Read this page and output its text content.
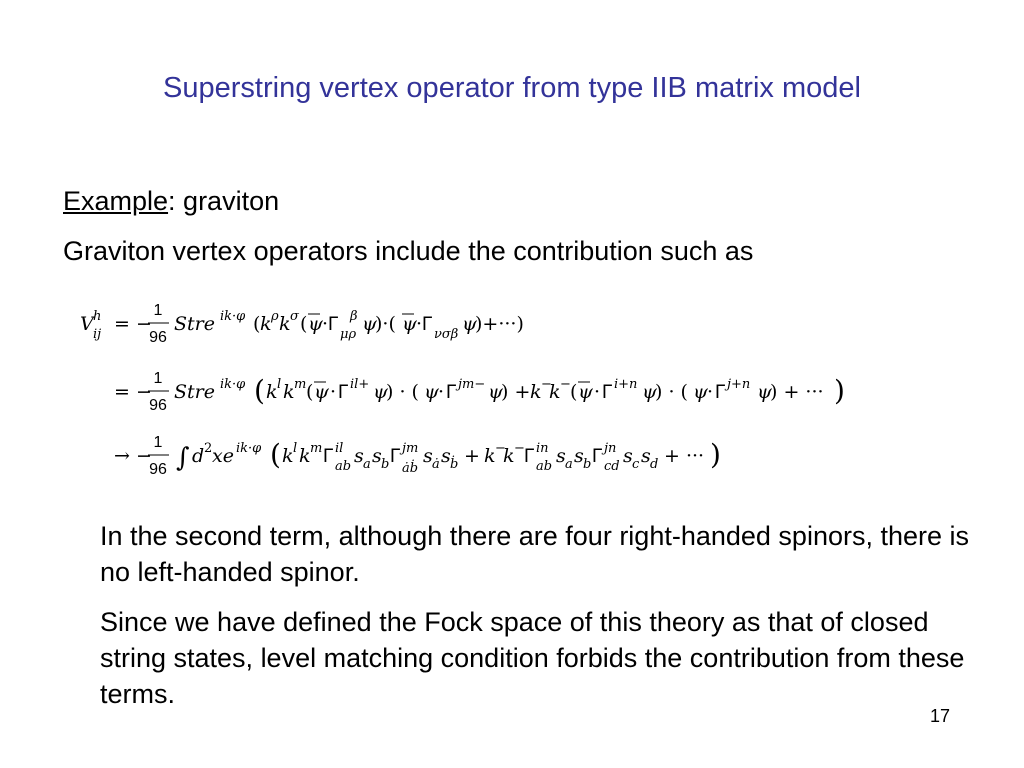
Superstring vertex operator from type IIB matrix model
Example: graviton
Graviton vertex operators include the contribution such as
V h
ij = −
1
96
Stre ik·φ ( k ρ k σ ( ψ · Γ μρ
β ψ
)·( ψ · Γ νσβ ψ
)+···)
= −
1
96
Stre ik·φ ( k l k m ( ψ · Γ il+ ψ
) · ( ψ · Γ jm− ψ
) + k −
k − ( ψ · Γ i+n ψ
) · ( ψ · Γ j+n ψ
) + ··· )
→ −
1
96 ∫ d 2 xe ik·φ ( k l k m Γ il
ab s a s b Γ jm
ȧḃ
s ȧ s ḃ + k −
k − Γ in
ab s a s b Γ jn
cd s c s d + ··· )
In the second term, although there are four right-handed spinors, there is no left-handed spinor.
Since we have defined the Fock space of this theory as that of closed string states, level matching condition forbids the contribution from these terms.
17
